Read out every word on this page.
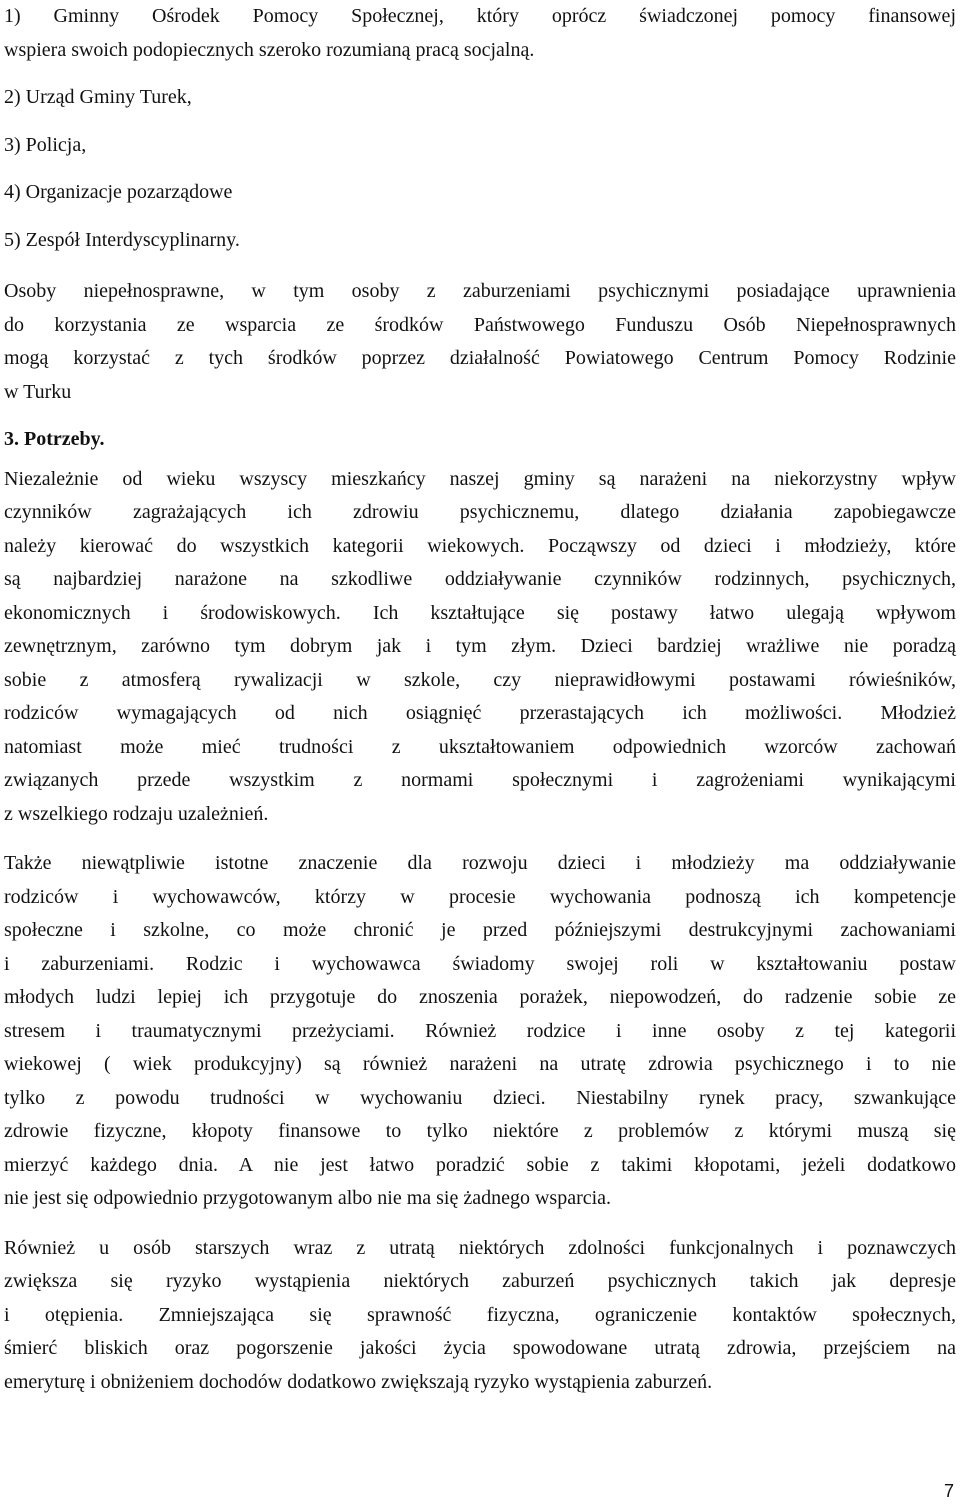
1) Gminny Ośrodek Pomocy Społecznej, który oprócz świadczonej pomocy finansowej
wspiera swoich podopiecznych szeroko rozumianą pracą socjalną.
2) Urząd Gminy Turek,
3) Policja,
4) Organizacje pozarządowe
5) Zespół Interdyscyplinarny.
Osoby niepełnosprawne, w tym osoby z zaburzeniami psychicznymi posiadające uprawnienia
do korzystania ze wsparcia ze środków Państwowego Funduszu Osób Niepełnosprawnych
mogą korzystać z tych środków poprzez działalność Powiatowego Centrum Pomocy Rodzinie
w Turku
3. Potrzeby.
Niezależnie od wieku wszyscy mieszkańcy naszej gminy są narażeni na niekorzystny wpływ
czynników zagrażających ich zdrowiu psychicznemu, dlatego działania zapobiegawcze
należy kierować do wszystkich kategorii wiekowych. Począwszy od dzieci i młodzieży, które
są najbardziej narażone na szkodliwe oddziaływanie czynników rodzinnych, psychicznych,
ekonomicznych i środowiskowych. Ich kształtujące się postawy łatwo ulegają wpływom
zewnętrznym, zarówno tym dobrym jak i tym złym. Dzieci bardziej wrażliwe nie poradzą
sobie z atmosferą rywalizacji w szkole, czy nieprawidłowymi postawami rówieśników,
rodziców wymagających od nich osiągnięć przerastających ich możliwości. Młodzież
natomiast może mieć trudności z ukształtowaniem odpowiednich wzorców zachowań
związanych przede wszystkim z normami społecznymi i zagrożeniami wynikającymi
z wszelkiego rodzaju uzależnień.
Także niewątpliwie istotne znaczenie dla rozwoju dzieci i młodzieży ma oddziaływanie
rodziców i wychowawców, którzy w procesie wychowania podnoszą ich kompetencje
społeczne i szkolne, co może chronić je przed późniejszymi destrukcyjnymi zachowaniami
i zaburzeniami. Rodzic i wychowawca świadomy swojej roli w kształtowaniu postaw
młodych ludzi lepiej ich przygotuje do znoszenia porażek, niepowodzeń, do radzenie sobie ze
stresem i traumatycznymi przeżyciami. Również rodzice i inne osoby z tej kategorii
wiekowej ( wiek produkcyjny) są również narażeni na utratę zdrowia psychicznego i to nie
tylko z powodu trudności w wychowaniu dzieci. Niestabilny rynek pracy, szwankujące
zdrowie fizyczne, kłopoty finansowe to tylko niektóre z problemów z którymi muszą się
mierzyć każdego dnia. A nie jest łatwo poradzić sobie z takimi kłopotami, jeżeli dodatkowo
nie jest się odpowiednio przygotowanym albo nie ma się żadnego wsparcia.
Również u osób starszych wraz z utratą niektórych zdolności funkcjonalnych i poznawczych
zwiększa się ryzyko wystąpienia niektórych zaburzeń psychicznych takich jak depresje
i otępienia. Zmniejszająca się sprawność fizyczna, ograniczenie kontaktów społecznych,
śmierć bliskich oraz pogorszenie jakości życia spowodowane utratą zdrowia, przejściem na
emeryturę i obniżeniem dochodów dodatkowo zwiększają ryzyko wystąpienia zaburzeń.
7
